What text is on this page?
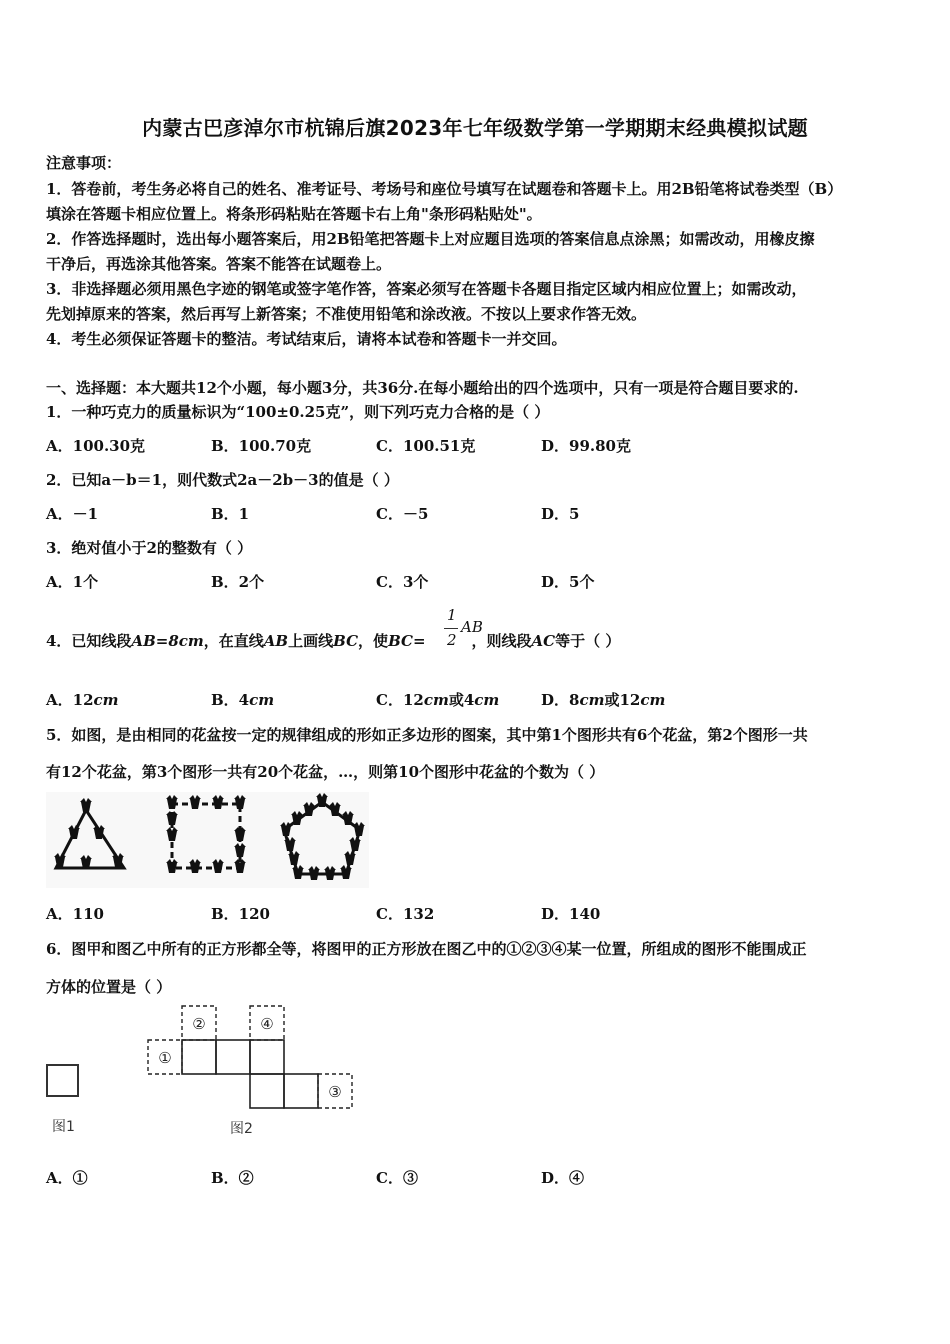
内蒙古巴彦淖尔市杭锦后旗2023年七年级数学第一学期期末经典模拟试题
注意事项：
1．答卷前，考生务必将自己的姓名、准考证号、考场号和座位号填写在试题卷和答题卡上。用2B铅笔将试卷类型（B）
填涂在答题卡相应位置上。将条形码粘贴在答题卡右上角"条形码粘贴处"。
2．作答选择题时，选出每小题答案后，用2B铅笔把答题卡上对应题目选项的答案信息点涂黑；如需改动，用橡皮擦
干净后，再选涂其他答案。答案不能答在试题卷上。
3．非选择题必须用黑色字迹的钢笔或签字笔作答，答案必须写在答题卡各题目指定区域内相应位置上；如需改动，
先划掉原来的答案，然后再写上新答案；不准使用铅笔和涂改液。不按以上要求作答无效。
4．考生必须保证答题卡的整洁。考试结束后，请将本试卷和答题卡一并交回。
一、选择题：本大题共12个小题，每小题3分，共36分.在每小题给出的四个选项中，只有一项是符合题目要求的.
1．一种巧克力的质量标识为“100±0.25克”，则下列巧克力合格的是（ ）
A．100.30克	B．100.70克	C．100.51克	D．99.80克
2．已知a－b＝1，则代数式2a－2b－3的值是（ ）
A．－1	B．1	C．－5	D．5
3．绝对值小于2的整数有（ ）
A．1个	B．2个	C．3个	D．5个
4．已知线段AB=8cm，在直线AB上画线BC，使BC=	，则线段AC等于（ ）
1
2
AB
A．12cm	B．4cm	C．12cm或4cm	D．8cm或12cm
5．如图，是由相同的花盆按一定的规律组成的形如正多边形的图案，其中第1个图形共有6个花盆，第2个图形一共
有12个花盆，第3个图形一共有20个花盆，…，则第10个图形中花盆的个数为（ ）
A．110	B．120	C．132	D．140
6．图甲和图乙中所有的正方形都全等，将图甲的正方形放在图乙中的①②③④某一位置，所组成的图形不能围成正
方体的位置是（ ）
图1
①
②
③
④
图2
A．①	B．②	C．③	D．④
